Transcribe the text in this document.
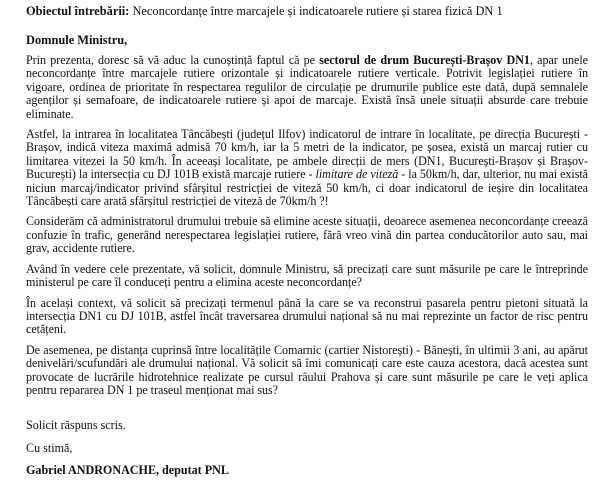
Obiectul întrebării: Neconcordanțe între marcajele și indicatoarele rutiere și starea fizică DN 1
Domnule Ministru,

Prin prezenta, doresc să vă aduc la cunoștință faptul că pe sectorul de drum București-Brașov DN1, apar unele neconcordanțe între marcajele rutiere orizontale și indicatoarele rutiere verticale. Potrivit legislației rutiere în vigoare, ordinea de prioritate în respectarea regulilor de circulație pe drumurile publice este dată, după semnalele agenților și semafoare, de indicatoarele rutiere și apoi de marcaje. Există însă unele situații absurde care trebuie eliminate.

Astfel, la intrarea în localitatea Tâncăbești (județul Ilfov) indicatorul de intrare în localitate, pe direcția București - Brașov, indică viteza maximă admisă 70 km/h, iar la 5 metri de la indicator, pe șosea, există un marcaj rutier cu limitarea vitezei la 50 km/h. În aceeași localitate, pe ambele direcții de mers (DN1, București-Brașov și Brașov-București) la intersecția cu DJ 101B există marcaje rutiere - limitare de viteză - la 50km/h, dar, ulterior, nu mai există niciun marcaj/indicator privind sfârșitul restricției de viteză 50 km/h, ci doar indicatorul de ieșire din localitatea Tâncăbești care arată sfârșitul restricției de viteză de 70km/h ?!

Considerăm că administratorul drumului trebuie să elimine aceste situații, deoarece asemenea neconcordanțe creează confuzie în trafic, generând nerespectarea legislației rutiere, fără vreo vină din partea conducătorilor auto sau, mai grav, accidente rutiere.

Având în vedere cele prezentate, vă solicit, domnule Ministru, să precizați care sunt măsurile pe care le întreprinde ministerul pe care îl conduceți pentru a elimina aceste neconcordanțe?

În același context, vă solicit să precizați termenul până la care se va reconstrui pasarela pentru pietoni situată la intersecția DN1 cu DJ 101B, astfel încât traversarea drumului național să nu mai reprezinte un factor de risc pentru cetățeni.

De asemenea, pe distanța cuprinsă între localitățile Comarnic (cartier Nistorești) - Bănești, în ultimii 3 ani, au apărut denivelări/scufundări ale drumului național. Vă solicit să îmi comunicați care este cauza acestora, dacă acestea sunt provocate de lucrările hidrotehnice realizate pe cursul râului Prahova și care sunt măsurile pe care le veți aplica pentru repararea DN 1 pe traseul menționat mai sus?

Solicit răspuns scris.
Cu stimă,
Gabriel ANDRONACHE, deputat PNL
